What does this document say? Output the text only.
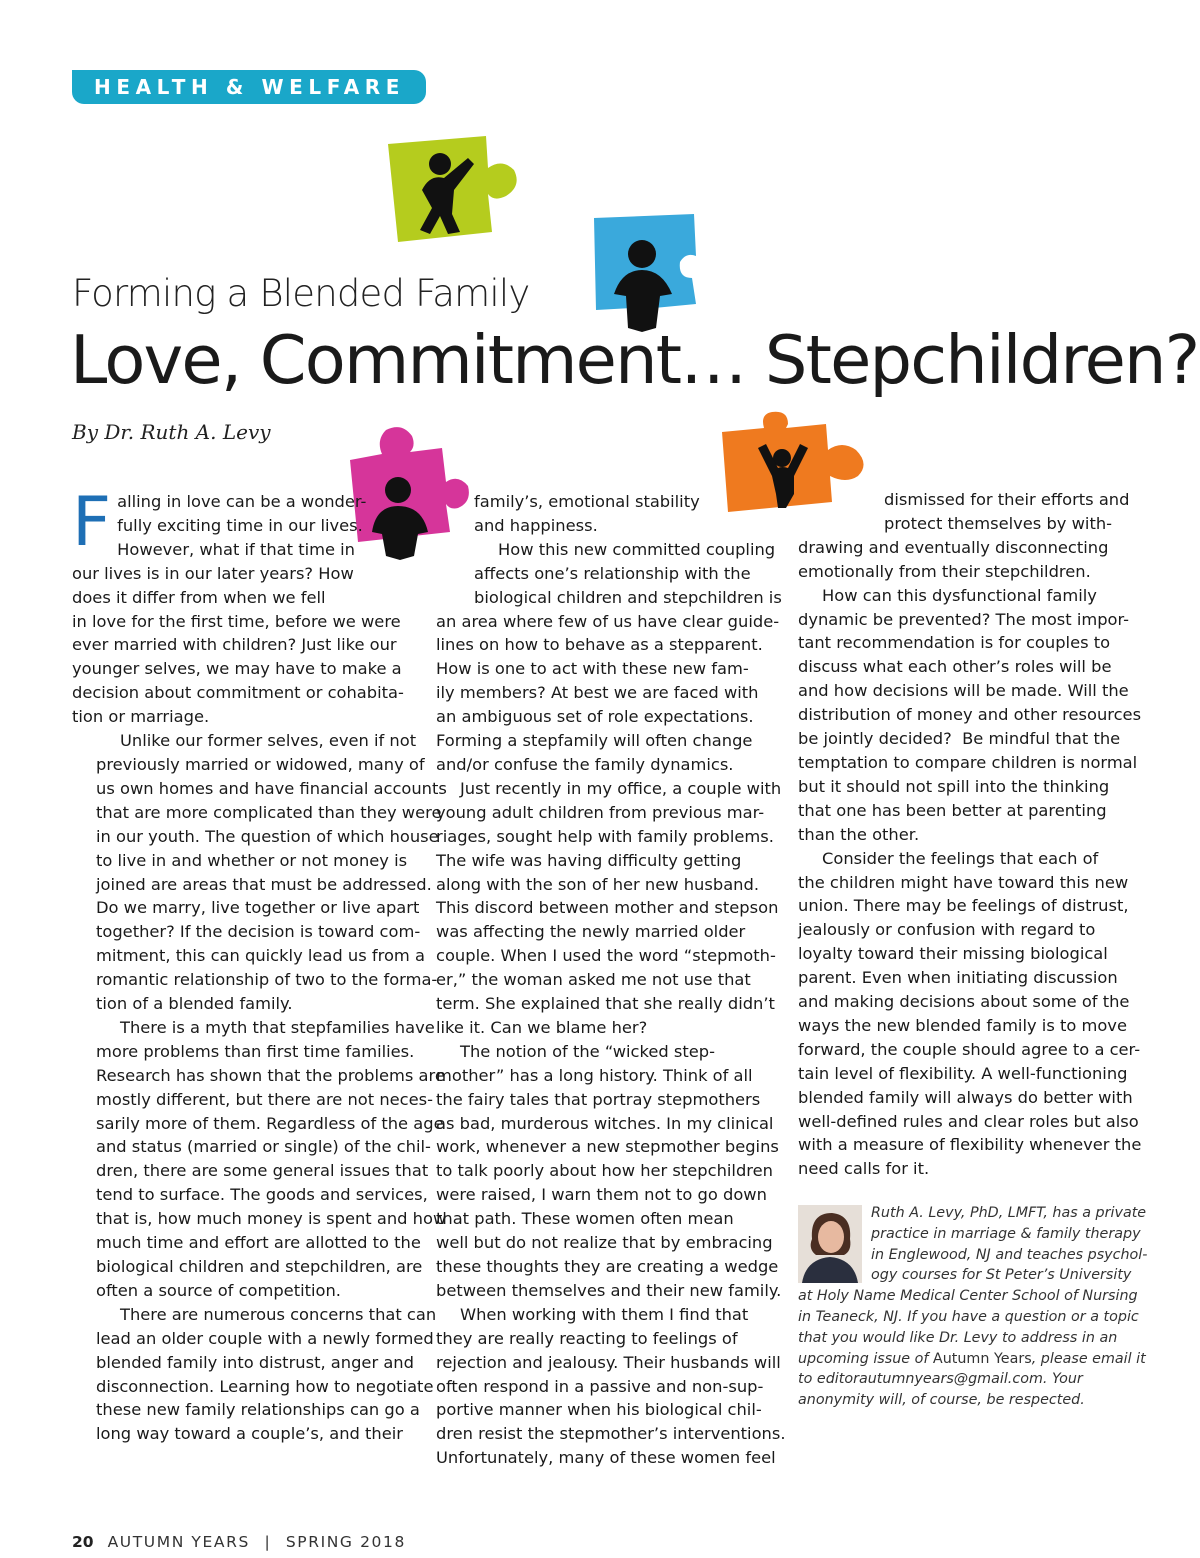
HEALTH & WELFARE
Forming a Blended Family
Love, Commitment… Stepchildren?
By Dr. Ruth A. Levy

F alling in love can be a wonder-
fully exciting time in our lives.
However, what if that time in
our lives is in our later years? How
does it differ from when we fell
in love for the first time, before we were
ever married with children? Just like our
younger selves, we may have to make a
decision about commitment or cohabita-
tion or marriage.

Unlike our former selves, even if not
previously married or widowed, many of
us own homes and have financial accounts
that are more complicated than they were
in our youth. The question of which house
to live in and whether or not money is
joined are areas that must be addressed.
Do we marry, live together or live apart
together? If the decision is toward com-
mitment, this can quickly lead us from a
romantic relationship of two to the forma-
tion of a blended family.

There is a myth that stepfamilies have
more problems than first time families.
Research has shown that the problems are
mostly different, but there are not neces-
sarily more of them. Regardless of the age
and status (married or single) of the chil-
dren, there are some general issues that
tend to surface. The goods and services,
that is, how much money is spent and how
much time and effort are allotted to the
biological children and stepchildren, are
often a source of competition.

There are numerous concerns that can
lead an older couple with a newly formed
blended family into distrust, anger and
disconnection. Learning how to negotiate
these new family relationships can go a
long way toward a couple’s, and their

family’s, emotional stability
and happiness.

How this new committed coupling
affects one’s relationship with the
biological children and stepchildren is
an area where few of us have clear guide-
lines on how to behave as a stepparent.
How is one to act with these new fam-
ily members? At best we are faced with
an ambiguous set of role expectations.
Forming a stepfamily will often change
and/or confuse the family dynamics.

Just recently in my office, a couple with
young adult children from previous mar-
riages, sought help with family problems.
The wife was having difficulty getting
along with the son of her new husband.
This discord between mother and stepson
was affecting the newly married older
couple. When I used the word “stepmoth-
er,” the woman asked me not use that
term. She explained that she really didn’t
like it. Can we blame her?

The notion of the “wicked step-
mother” has a long history. Think of all
the fairy tales that portray stepmothers
as bad, murderous witches. In my clinical
work, whenever a new stepmother begins
to talk poorly about how her stepchildren
were raised, I warn them not to go down
that path. These women often mean
well but do not realize that by embracing
these thoughts they are creating a wedge
between themselves and their new family.

When working with them I find that
they are really reacting to feelings of
rejection and jealousy. Their husbands will
often respond in a passive and non-sup-
portive manner when his biological chil-
dren resist the stepmother’s interventions.
Unfortunately, many of these women feel

dismissed for their efforts and
protect themselves by with-
drawing and eventually disconnecting
emotionally from their stepchildren.

How can this dysfunctional family
dynamic be prevented? The most impor-
tant recommendation is for couples to
discuss what each other’s roles will be
and how decisions will be made. Will the
distribution of money and other resources
be jointly decided?  Be mindful that the
temptation to compare children is normal
but it should not spill into the thinking
that one has been better at parenting
than the other.

Consider the feelings that each of
the children might have toward this new
union. There may be feelings of distrust,
jealously or confusion with regard to
loyalty toward their missing biological
parent. Even when initiating discussion
and making decisions about some of the
ways the new blended family is to move
forward, the couple should agree to a cer-
tain level of flexibility. A well-functioning
blended family will always do better with
well-defined rules and clear roles but also
with a measure of flexibility whenever the
need calls for it.

Ruth A. Levy, PhD, LMFT, has a private
practice in marriage & family therapy
in Englewood, NJ and teaches psychol-
ogy courses for St Peter’s University
at Holy Name Medical Center School of Nursing
in Teaneck, NJ. If you have a question or a topic
that you would like Dr. Levy to address in an
upcoming issue of Autumn Years, please email it
to editorautumnyears@gmail.com. Your
anonymity will, of course, be respected.
20 AUTUMN YEARS | SPRING 2018
